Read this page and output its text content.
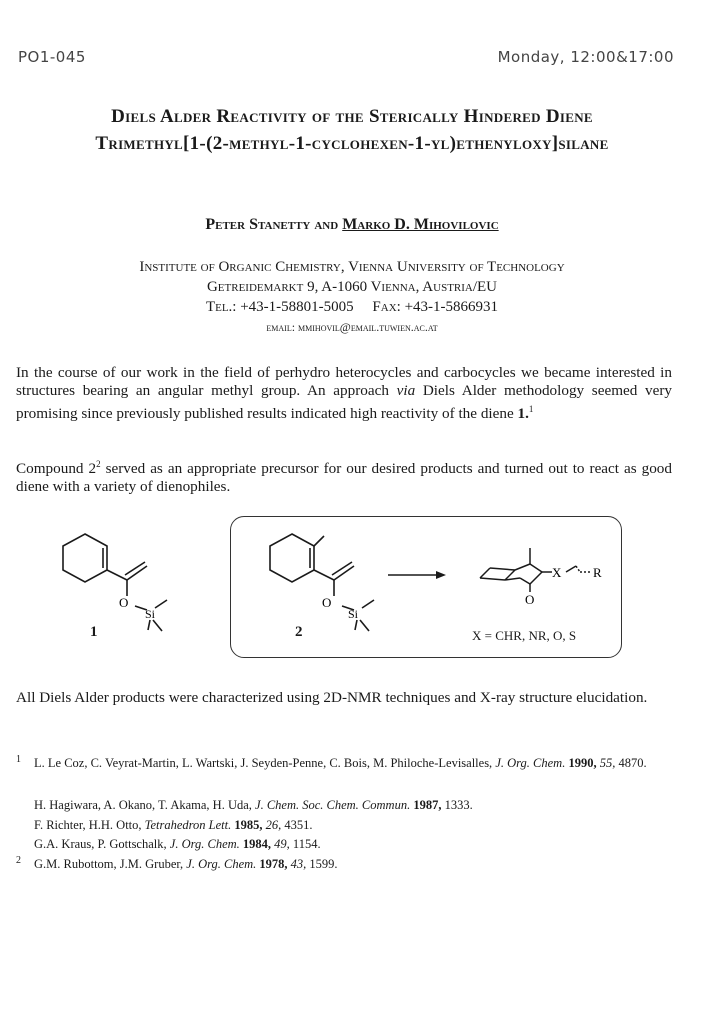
PO1-045	Monday, 12:00&17:00
Diels Alder Reactivity of the Sterically Hindered Diene
Trimethyl[1-(2-methyl-1-cyclohexen-1-yl)ethenyloxy]silane
Peter Stanetty and Marko D. Mihovilovic
Institute of Organic Chemistry, Vienna University of Technology
Getreidemarkt 9, A-1060 Vienna, Austria/EU
Tel.: +43-1-58801-5005 Fax: +43-1-5866931
email: mmihovil@email.tuwien.ac.at
In the course of our work in the field of perhydro heterocycles and carbocycles we became interested in structures bearing an angular methyl group. An approach via Diels Alder methodology seemed very promising since previously published results indicated high reactivity of the diene 1.$^1$
Compound $2^2$ served as an appropriate precursor for our desired products and turned out to react as good diene with a variety of dienophiles.
O
Si
1
O
Si
2
X R
O
X = CHR, NR, O, S
All Diels Alder products were characterized using 2D-NMR techniques and X-ray structure elucidation.
1 L. Le Coz, C. Veyrat-Martin, L. Wartski, J. Seyden-Penne, C. Bois, M. Philoche-Levisalles, J. Org. Chem. 1990, 55, 4870.
H. Hagiwara, A. Okano, T. Akama, H. Uda, J. Chem. Soc. Chem. Commun. 1987, 1333.
F. Richter, H.H. Otto, Tetrahedron Lett. 1985, 26, 4351.
G.A. Kraus, P. Gottschalk, J. Org. Chem. 1984, 49, 1154.
2 G.M. Rubottom, J.M. Gruber, J. Org. Chem. 1978, 43, 1599.
